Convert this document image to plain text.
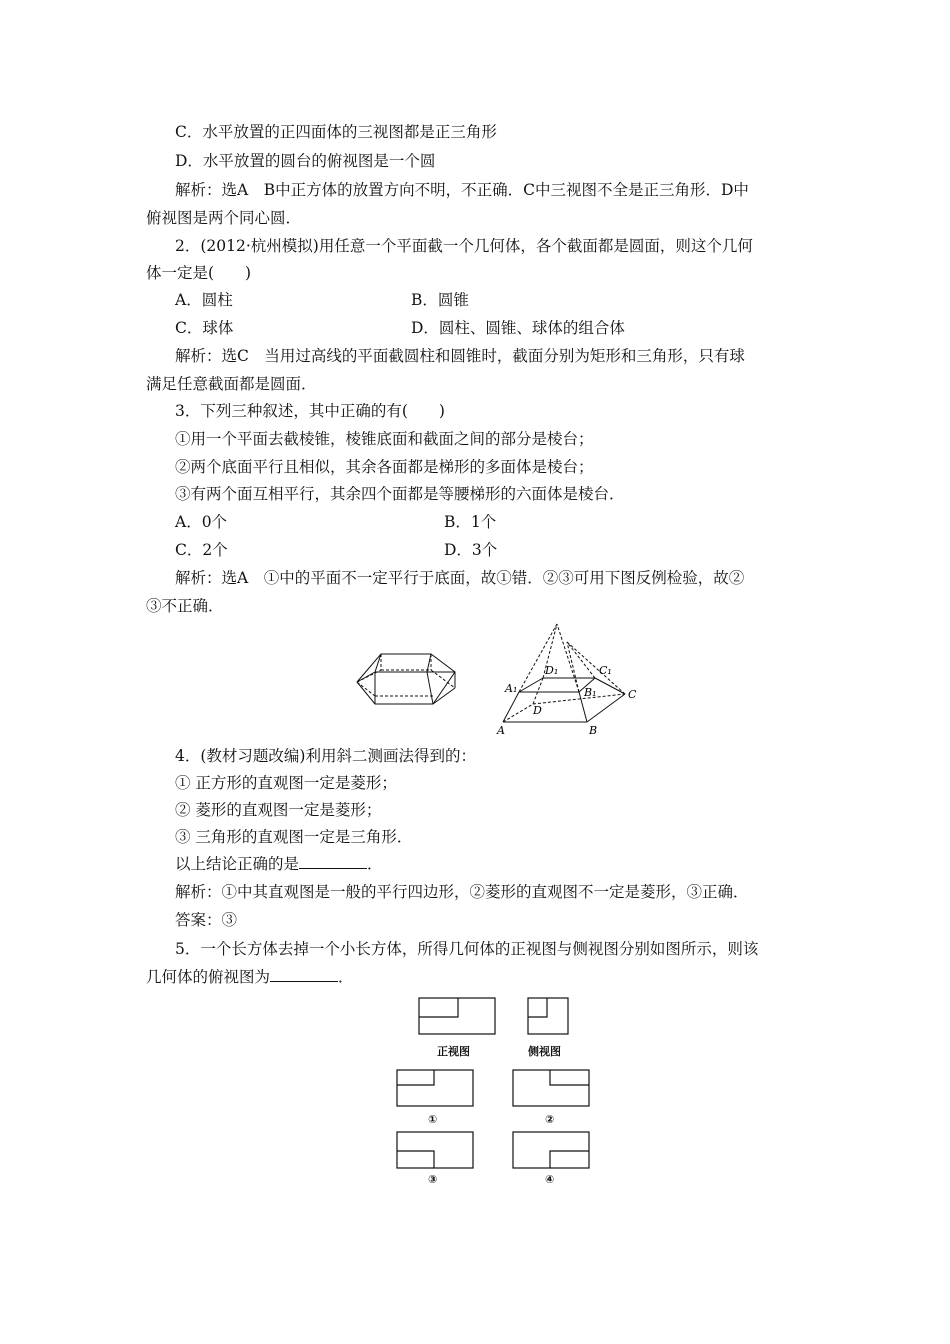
C．水平放置的正四面体的三视图都是正三角形
D．水平放置的圆台的俯视图是一个圆
解析：选A　B中正方体的放置方向不明，不正确．C中三视图不全是正三角形．D中
俯视图是两个同心圆．
2．(2012·杭州模拟)用任意一个平面截一个几何体，各个截面都是圆面，则这个几何
体一定是(　　)
A．圆柱	B．圆锥
C．球体	D．圆柱、圆锥、球体的组合体
解析：选C　当用过高线的平面截圆柱和圆锥时，截面分别为矩形和三角形，只有球
满足任意截面都是圆面．
3．下列三种叙述，其中正确的有(　　)
①用一个平面去截棱锥，棱锥底面和截面之间的部分是棱台；
②两个底面平行且相似，其余各面都是梯形的多面体是棱台；
③有两个面互相平行，其余四个面都是等腰梯形的六面体是棱台．
A．0个	B．1个
C．2个	D．3个
解析：选A　①中的平面不一定平行于底面，故①错．②③可用下图反例检验，故②
③不正确．
A₁
D₁	C₁
B₁	C
D
A	B
4．(教材习题改编)利用斜二测画法得到的：
① 正方形的直观图一定是菱形；
② 菱形的直观图一定是菱形；
③ 三角形的直观图一定是三角形．
以上结论正确的是	．
解析：①中其直观图是一般的平行四边形，②菱形的直观图不一定是菱形，③正确．
答案：③
5．一个长方体去掉一个小长方体，所得几何体的正视图与侧视图分别如图所示，则该
几何体的俯视图为	．
正视图	侧视图
①	②
③	④
